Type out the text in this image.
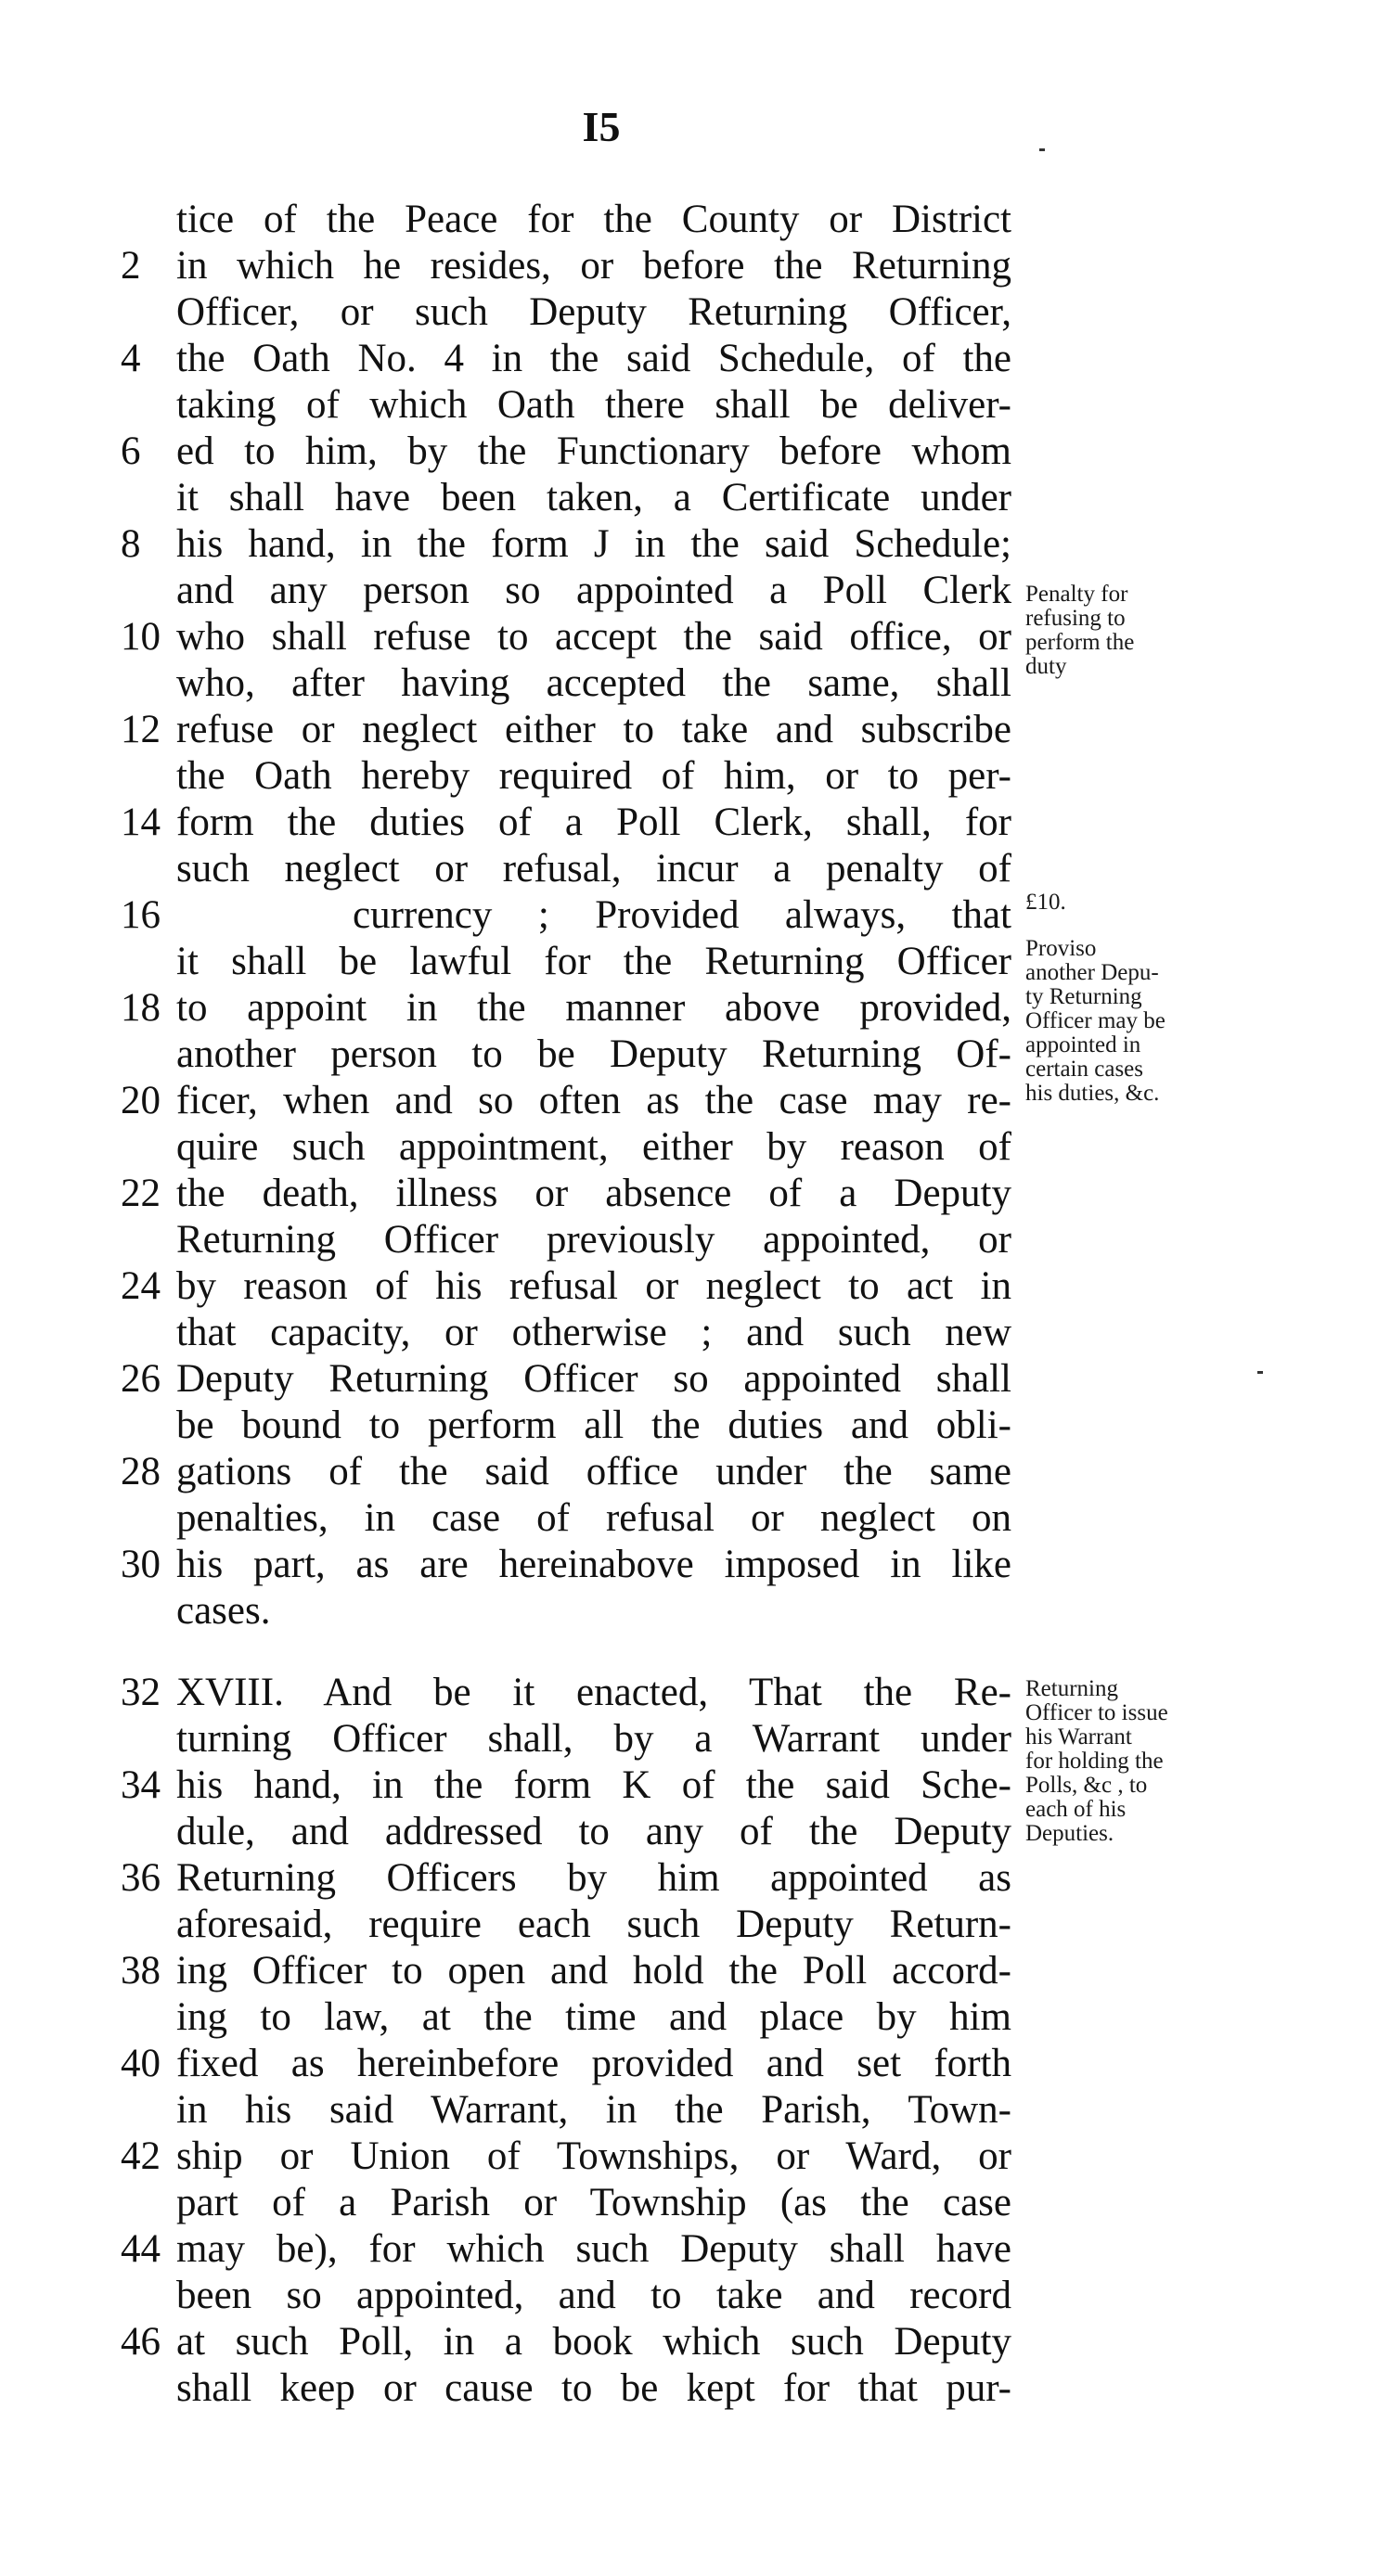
I5
tice of the Peace for the County or District
2 in which he resides, or before the Returning
Officer, or such Deputy Returning Officer,
4 the Oath No. 4 in the said Schedule, of the
taking of which Oath there shall be deliver-
6 ed to him, by the Functionary before whom
it shall have been taken, a Certificate under
8 his hand, in the form J in the said Schedule;
and any person so appointed a Poll Clerk
10 who shall refuse to accept the said office, or
who, after having accepted the same, shall
12 refuse or neglect either to take and subscribe
the Oath hereby required of him, or to per-
14 form the duties of a Poll Clerk, shall, for
such neglect or refusal, incur a penalty of
16	currency ; Provided always, that
it shall be lawful for the Returning Officer
18 to appoint in the manner above provided,
another person to be Deputy Returning Of-
20 ficer, when and so often as the case may re-
quire such appointment, either by reason of
22 the death, illness or absence of a Deputy
Returning Officer previously appointed, or
24 by reason of his refusal or neglect to act in
that capacity, or otherwise ; and such new
26 Deputy Returning Officer so appointed shall
be bound to perform all the duties and obli-
28 gations of the said office under the same
penalties, in case of refusal or neglect on
30 his part, as are hereinabove imposed in like
cases.
32 XVIII. And be it enacted, That the Re-
turning Officer shall, by a Warrant under
34 his hand, in the form K of the said Sche-
dule, and addressed to any of the Deputy
36 Returning Officers by him appointed as
aforesaid, require each such Deputy Return-
38 ing Officer to open and hold the Poll accord-
ing to law, at the time and place by him
40 fixed as hereinbefore provided and set forth
in his said Warrant, in the Parish, Town-
42 ship or Union of Townships, or Ward, or
part of a Parish or Township (as the case
44 may be), for which such Deputy shall have
been so appointed, and to take and record
46 at such Poll, in a book which such Deputy
shall keep or cause to be kept for that pur-
Penalty for
refusing to
perform the
duty
£10.
Proviso
another Depu-
ty Returning
Officer may be
appointed in
certain cases
his duties, &c.
Returning
Officer to issue
his Warrant
for holding the
Polls, &c , to
each of his
Deputies.
